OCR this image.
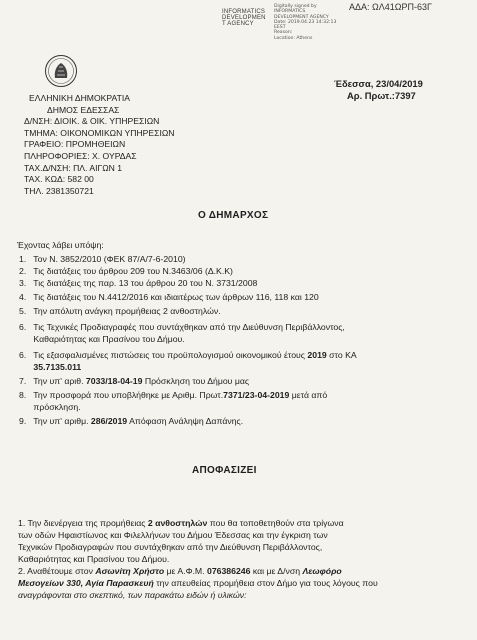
INFORMATICS
DEVELOPMEN
T AGENCY
Digitally signed by
INFORMATICS
DEVELOPMENT AGENCY
Date: 2019.04.23 14:32:13
EEST
Reason:
Location: Athens
ΑΔΑ: ΩΛ41ΩΡΠ-63Γ
Έδεσσα, 23/04/2019
Αρ. Πρωτ.:7397
ΕΛΛΗΝΙΚΗ ΔΗΜΟΚΡΑΤΙΑ
ΔΗΜΟΣ ΕΔΕΣΣΑΣ
Δ/ΝΣΗ: ΔΙΟΙΚ. & ΟΙΚ. ΥΠΗΡΕΣΙΩΝ
ΤΜΗΜΑ: ΟΙΚΟΝΟΜΙΚΩΝ ΥΠΗΡΕΣΙΩΝ
ΓΡΑΦΕΙΟ: ΠΡΟΜΗΘΕΙΩΝ
ΠΛΗΡΟΦΟΡΙΕΣ: Χ. ΟΥΡΔΑΣ
ΤΑΧ.Δ/ΝΣΗ: ΠΛ. ΑΙΓΩΝ 1
ΤΑΧ. ΚΩΔ: 582 00
ΤΗΛ. 2381350721
Ο ΔΗΜΑΡΧΟΣ
Έχοντας λάβει υπόψη:
1. Τον Ν. 3852/2010 (ΦΕΚ 87/Α/7-6-2010)
2. Τις διατάξεις του άρθρου 209 του Ν.3463/06 (Δ.Κ.Κ)
3. Τις διατάξεις της παρ. 13 του άρθρου 20 του Ν. 3731/2008
4. Τις διατάξεις του Ν.4412/2016 και ιδιαιτέρως των άρθρων 116, 118 και 120
5. Την απόλυτη ανάγκη προμήθειας 2 ανθοστηλών.
6. Τις Τεχνικές Προδιαγραφές που συντάχθηκαν από την Διεύθυνση Περιβάλλοντος,
Καθαριότητας και Πρασίνου του Δήμου.
6. Τις εξασφαλισμένες πιστώσεις του προϋπολογισμού οικονομικού έτους 2019 στο ΚΑ
35.7135.011
7. Την υπ' αριθ. 7033/18-04-19 Πρόσκληση του Δήμου μας
8. Την προσφορά που υποβλήθηκε με Αριθμ. Πρωτ.7371/23-04-2019 μετά από
πρόσκληση.
9. Την υπ' αριθμ. 286/2019 Απόφαση Ανάληψη Δαπάνης.
ΑΠΟΦΑΣΙΖΕΙ
1. Την διενέργεια της προμήθειας 2 ανθοστηλών που θα τοποθετηθούν στα τρίγωνα
των οδών Ηφαιστίωνος και Φιλελλήνων του Δήμου Έδεσσας και την έγκριση των
Τεχνικών Προδιαγραφών που συντάχθηκαν από την Διεύθυνση Περιβάλλοντος,
Καθαριότητας και Πρασίνου του Δήμου.
2. Αναθέτουμε στον Ασωνίτη Χρήστο με Α.Φ.Μ. 076386246 και με Δ/νση Λεωφόρο
Μεσογείων 330, Αγία Παρασκευή την απευθείας προμήθεια στον Δήμο για τους λόγους που
αναγράφονται στο σκεπτικό, των παρακάτω ειδών ή υλικών:
